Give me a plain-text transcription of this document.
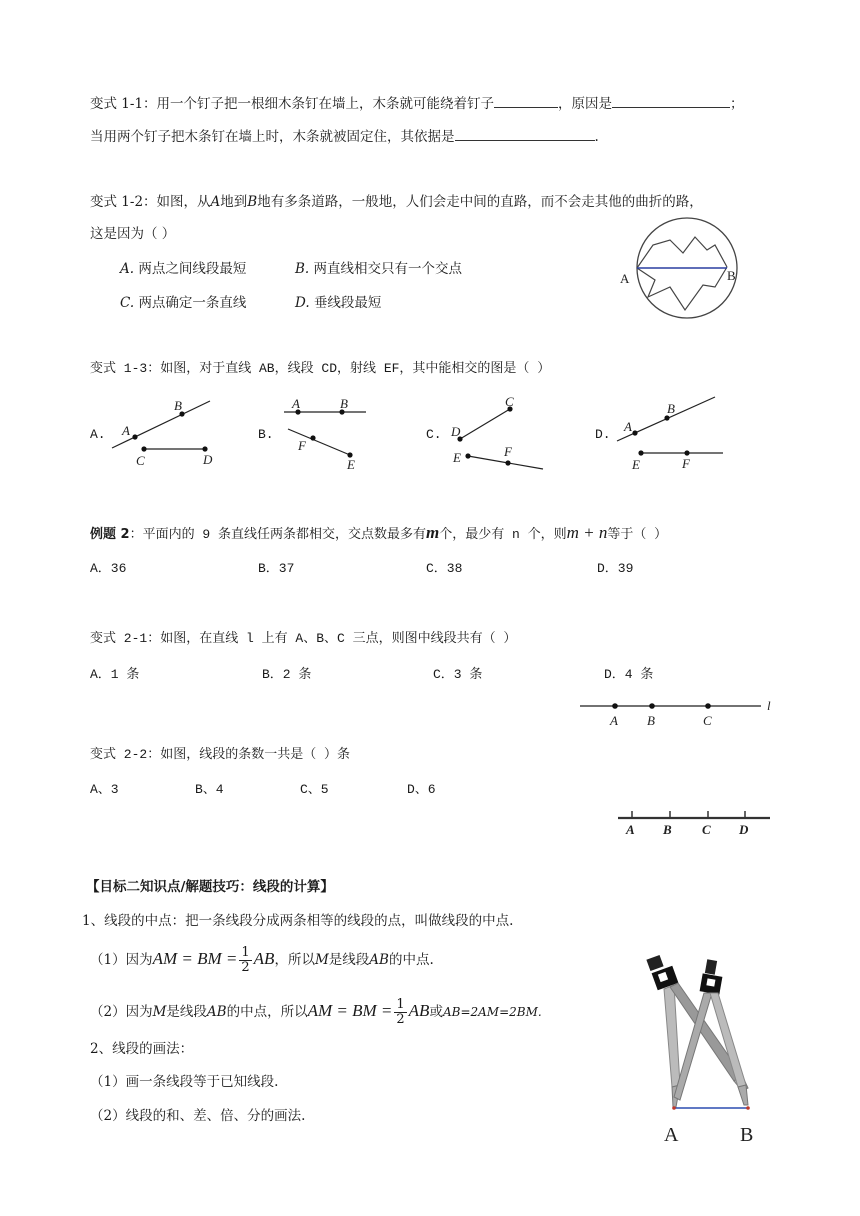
变式 1-1：用一个钉子把一根细木条钉在墙上，木条就可能绕着钉子	，原因是	；
当用两个钉子把木条钉在墙上时，木条就被固定住，其依据是	.
变式 1-2：如图，从A地到B地有多条道路，一般地，人们会走中间的直路，而不会走其他的曲折的路，
这是因为（ ）
A. 两点之间线段最短	B. 两直线相交只有一个交点
C. 两点确定一条直线	D. 垂线段最短
A	B
变式 1-3：如图，对于直线 AB，线段 CD，射线 EF，其中能相交的图是（ ）
A.	B.	C.	D.
A
B
C	D
A	B
F
E
C
D
E	F
A
B
E	F
例题 2：平面内的 9 条直线任两条都相交，交点数最多有m个，最少有 n 个，则m + n等于（ ）
A．36	B．37	C．38	D．39
变式 2-1：如图，在直线 l 上有 A、B、C 三点，则图中线段共有（ ）
A．1 条	B．2 条	C．3 条	D．4 条
A B	C
l
变式 2-2：如图，线段的条数一共是（ ）条
A、3	B、4	C、5	D、6
A B C D
【目标二知识点/解题技巧：线段的计算】
1、线段的中点：把一条线段分成两条相等的线段的点，叫做线段的中点.
（1）因为AM = BM = $\frac{1}{2}$ AB，所以M是线段AB的中点.
（2）因为M是线段AB的中点，所以AM = BM = $\frac{1}{2}$ AB或AB=2AM=2BM.
2、线段的画法：
（1）画一条线段等于已知线段.
（2）线段的和、差、倍、分的画法.
A	B
